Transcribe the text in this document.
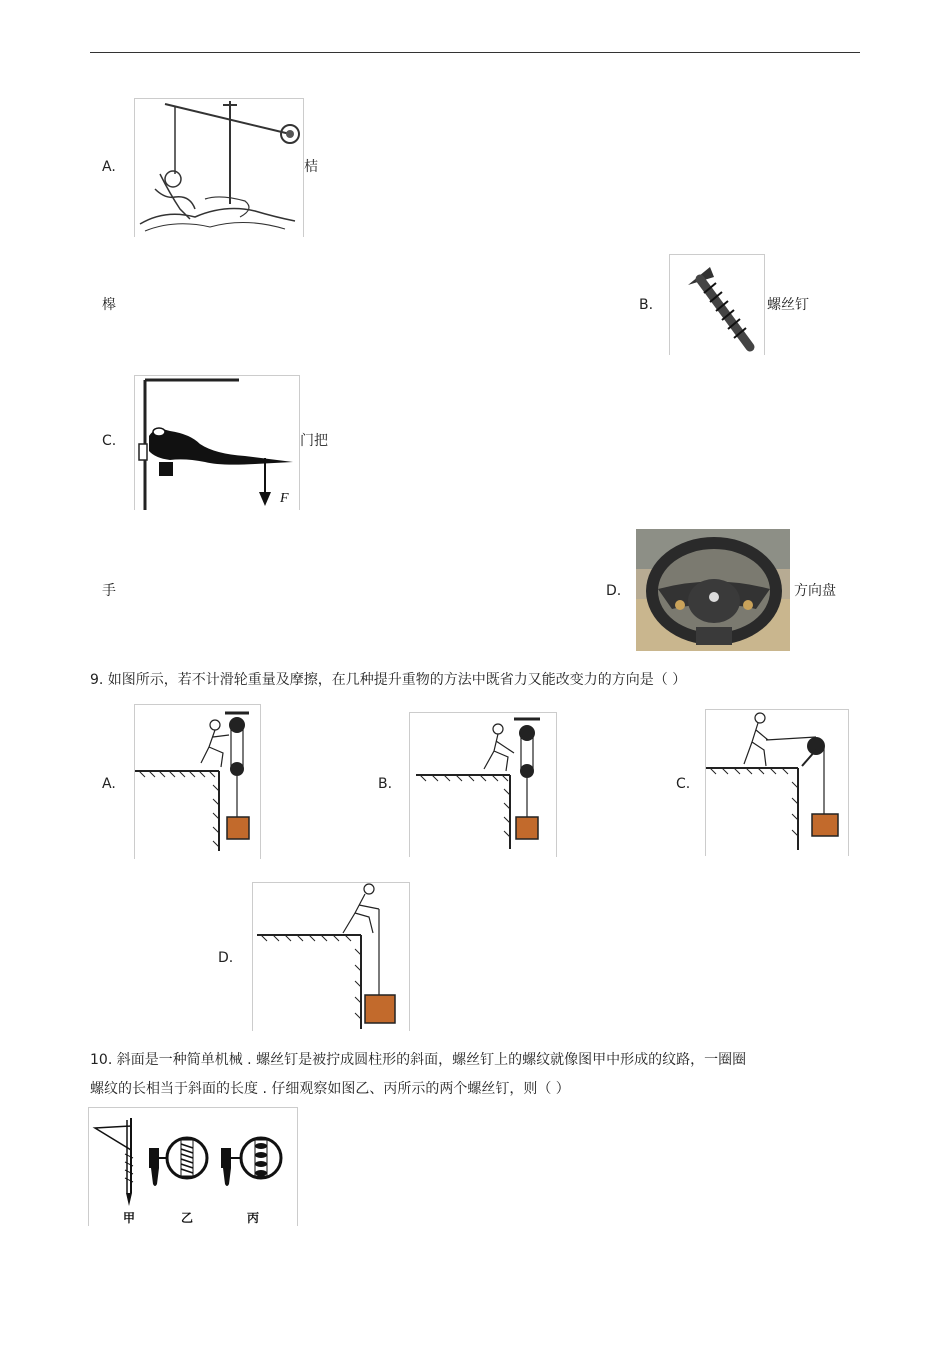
A.	桔
槔	B.	螺丝钉
C.
F
门把
手	D.	方向盘
9. 如图所示，若不计滑轮重量及摩擦，在几种提升重物的方法中既省力又能改变力的方向是（ ）
A.	B.	C.
D.
10. 斜面是一种简单机械 . 螺丝钉是被拧成圆柱形的斜面，螺丝钉上的螺纹就像图甲中形成的纹路，一圈圈
螺纹的长相当于斜面的长度 . 仔细观察如图乙、丙所示的两个螺丝钉，则（ ）
甲	乙	丙
